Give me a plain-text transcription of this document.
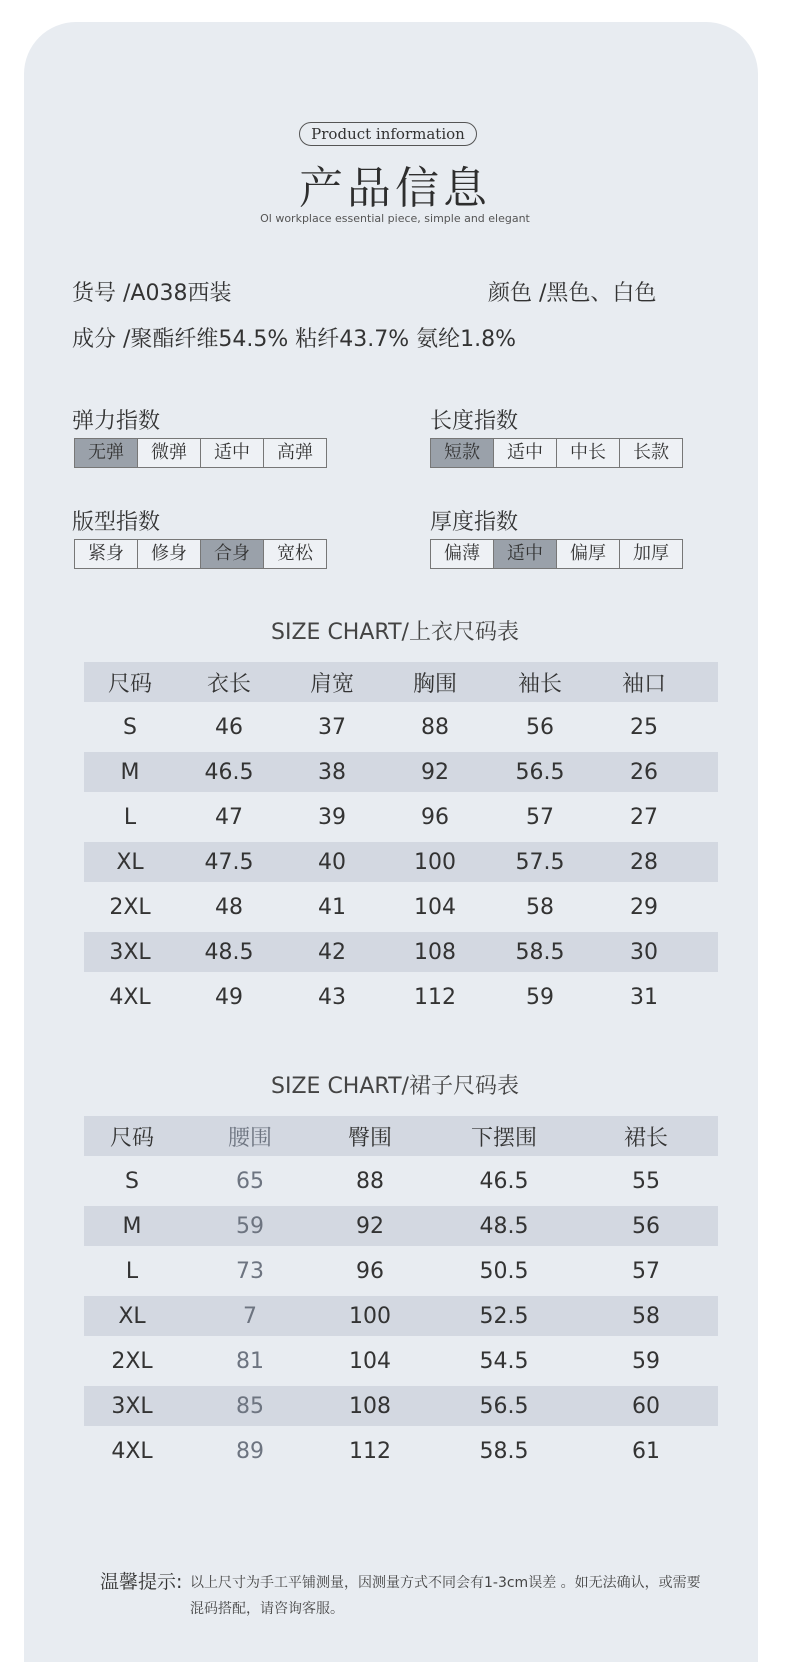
Product information
产品信息
Ol workplace essential piece, simple and elegant
货号 /A038西装	颜色 /黑色、白色
成分 /聚酯纤维54.5% 粘纤43.7% 氨纶1.8%
弹力指数
无弹	微弹	适中	高弹
长度指数
短款	适中	中长	长款
版型指数
紧身	修身	合身	宽松
厚度指数
偏薄	适中	偏厚	加厚
SIZE CHART/上衣尺码表
尺码	衣长	肩宽	胸围	袖长	袖口
S	46	37	88	56	25
M	46.5	38	92	56.5	26
L	47	39	96	57	27
XL	47.5	40	100	57.5	28
2XL	48	41	104	58	29
3XL	48.5	42	108	58.5	30
4XL	49	43	112	59	31
SIZE CHART/裙子尺码表
尺码	腰围	臀围	下摆围	裙长
S	65	88	46.5	55
M	59	92	48.5	56
L	73	96	50.5	57
XL	7	100	52.5	58
2XL	81	104	54.5	59
3XL	85	108	56.5	60
4XL	89	112	58.5	61
温馨提示: 以上尺寸为手工平铺测量，因测量方式不同会有1-3cm误差 。如无法确认，或需要混码搭配，请咨询客服。
